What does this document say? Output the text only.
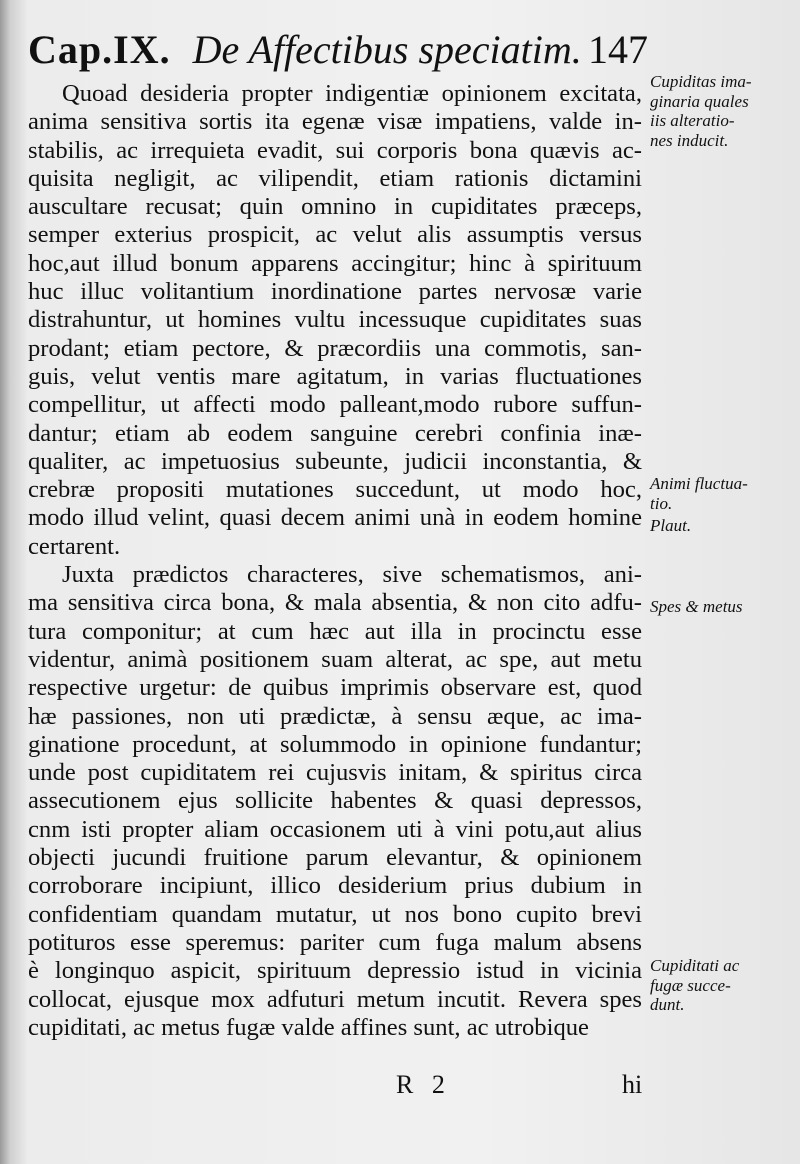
Cap.IX. De Affectibus speciatim. 147
Quoad desideria propter indigentiæ opinionem excitata,
anima sensitiva sortis ita egenæ visæ impatiens, valde in-
stabilis, ac irrequieta evadit, sui corporis bona quævis ac-
quisita negligit, ac vilipendit, etiam rationis dictamini
auscultare recusat; quin omnino in cupiditates præceps,
semper exterius prospicit, ac velut alis assumptis versus
hoc,aut illud bonum apparens accingitur; hinc à spirituum
huc illuc volitantium inordinatione partes nervosæ varie
distrahuntur, ut homines vultu incessuque cupiditates suas
prodant; etiam pectore, & præcordiis una commotis, san-
guis, velut ventis mare agitatum, in varias fluctuationes
compellitur, ut affecti modo palleant,modo rubore suffun-
dantur; etiam ab eodem sanguine cerebri confinia inæ-
qualiter, ac impetuosius subeunte, judicii inconstantia, &
crebræ propositi mutationes succedunt, ut modo hoc,
modo illud velint, quasi decem animi unà in eodem homine
certarent.
Juxta prædictos characteres, sive schematismos, ani-
ma sensitiva circa bona, & mala absentia, & non cito adfu-
tura componitur; at cum hæc aut illa in procinctu esse
videntur, animà positionem suam alterat, ac spe, aut metu
respective urgetur: de quibus imprimis observare est, quod
hæ passiones, non uti prædictæ, à sensu æque, ac ima-
ginatione procedunt, at solummodo in opinione fundantur;
unde post cupiditatem rei cujusvis initam, & spiritus circa
assecutionem ejus sollicite habentes & quasi depressos,
cnm isti propter aliam occasionem uti à vini potu,aut alius
objecti jucundi fruitione parum elevantur, & opinionem
corroborare incipiunt, illico desiderium prius dubium in
confidentiam quandam mutatur, ut nos bono cupito brevi
potituros esse speremus: pariter cum fuga malum absens
è longinquo aspicit, spirituum depressio istud in vicinia
collocat, ejusque mox adfuturi metum incutit. Revera spes
cupiditati, ac metus fugæ valde affines sunt, ac utrobique
Cupiditas ima-
ginaria quales
iis alteratio-
nes inducit.
Animi fluctua-
tio.
Plaut.
Spes & metus
Cupiditati ac
fugæ succe-
dunt.
R 2	hi
